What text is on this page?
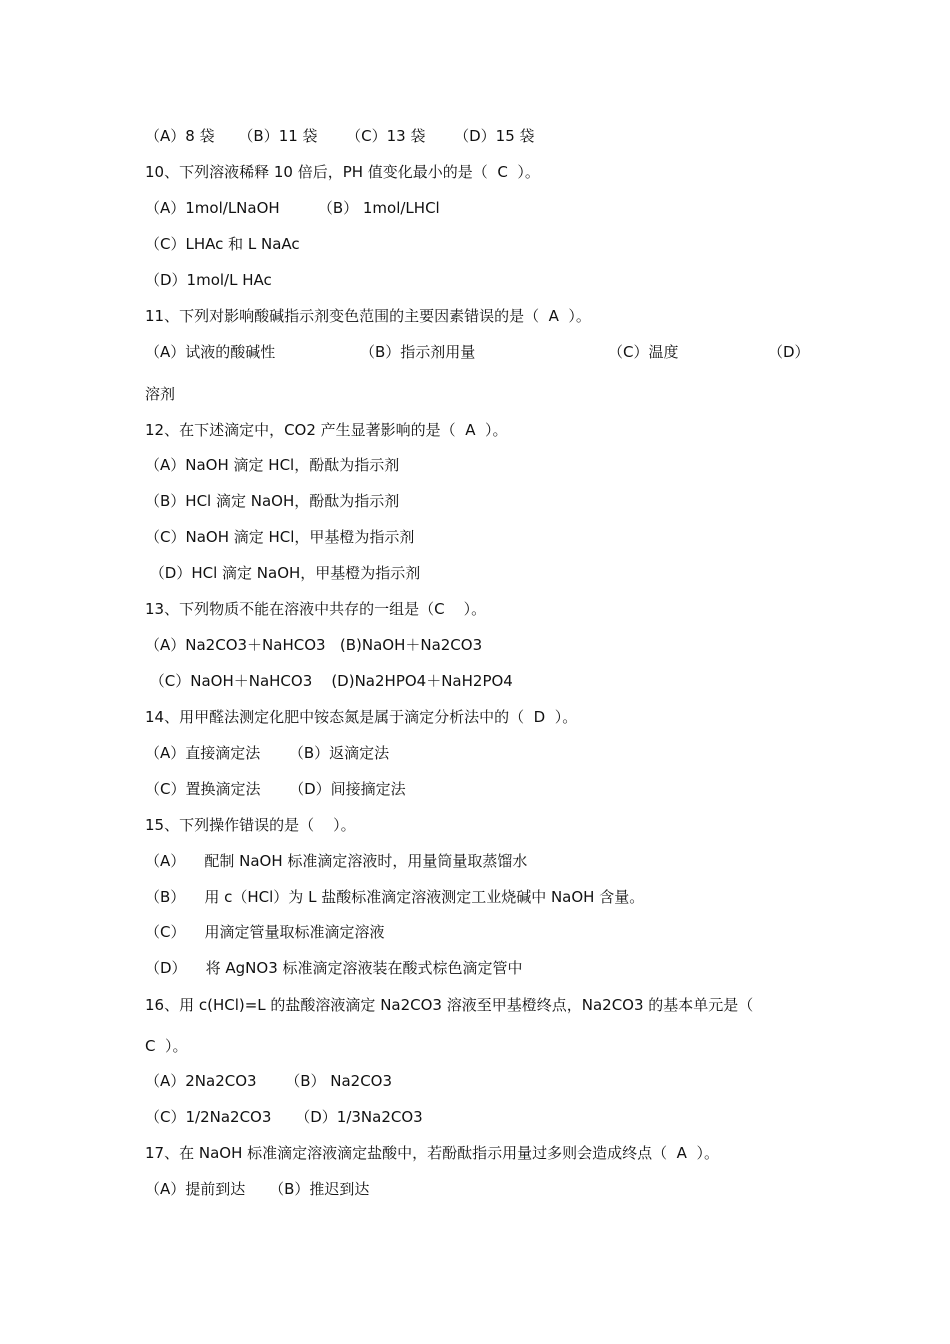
（A）8 袋     （B）11 袋      （C）13 袋      （D）15 袋
10、下列溶液稀释 10 倍后，PH 值变化最小的是（  C  ）。
（A）1mol/LNaOH        （B） 1mol/LHCl
（C）LHAc 和 L NaAc
（D）1mol/L HAc
11、下列对影响酸碱指示剂变色范围的主要因素错误的是（  A  ）。
（A）试液的酸碱性	（B）指示剂用量	（C）温度	（D）
溶剂
12、在下述滴定中，CO2 产生显著影响的是（  A  ）。
（A）NaOH 滴定 HCl，酚酞为指示剂
（B）HCl 滴定 NaOH，酚酞为指示剂
（C）NaOH 滴定 HCl，甲基橙为指示剂
（D）HCl 滴定 NaOH，甲基橙为指示剂
13、下列物质不能在溶液中共存的一组是（C    ）。
（A）Na2CO3＋NaHCO3   (B)NaOH＋Na2CO3
（C）NaOH＋NaHCO3    (D)Na2HPO4＋NaH2PO4
14、用甲醛法测定化肥中铵态氮是属于滴定分析法中的（  D  ）。
（A）直接滴定法      （B）返滴定法
（C）置换滴定法      （D）间接摘定法
15、下列操作错误的是（    ）。
（A）    配制 NaOH 标准滴定溶液时，用量筒量取蒸馏水
（B）    用 c（HCl）为 L 盐酸标准滴定溶液测定工业烧碱中 NaOH 含量。
（C）    用滴定管量取标准滴定溶液
（D）    将 AgNO3 标准滴定溶液装在酸式棕色滴定管中
16、用 c(HCl)=L 的盐酸溶液滴定 Na2CO3 溶液至甲基橙终点，Na2CO3 的基本单元是（
C  ）。
（A）2Na2CO3      （B） Na2CO3
（C）1/2Na2CO3     （D）1/3Na2CO3
17、在 NaOH 标准滴定溶液滴定盐酸中，若酚酞指示用量过多则会造成终点（  A  ）。
（A）提前到达     （B）推迟到达
